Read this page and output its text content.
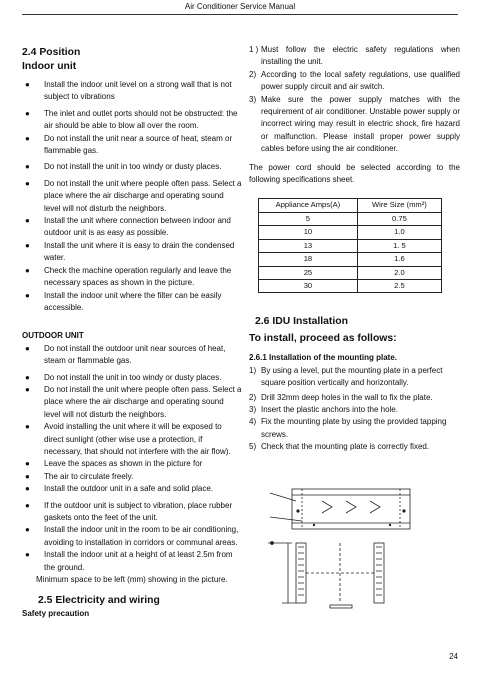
Air Conditioner Service Manual
2.4 Position
Indoor unit
● Install the indoor unit level on a strong wall that is not subject to vibrations
● The inlet and outlet ports should not be obstructed: the air should be able to blow all over the room.
● Do not install the unit near a source of heat, steam or flammable gas.
● Do not install the unit in too windy or dusty places.
● Do not install the unit where people often pass. Select a place where the air discharge and operating sound level will not disturb the neighbors.
● Install the unit where connection between indoor and outdoor unit is as easy as possible.
● Install the unit where it is easy to drain the condensed water.
● Check the machine operation regularly and leave the necessary spaces as shown in the picture.
● Install the indoor unit where the filter can be easily accessible.
OUTDOOR UNIT
● Do not install the outdoor unit near sources of heat, steam or flammable gas.
● Do not install the unit in too windy or dusty places.
● Do not install the unit where people often pass. Select a place where the air discharge and operating sound level will not disturb the neighbors.
● Avoid installing the unit where it will be exposed to direct sunlight (other wise use a protection, if necessary, that should not interfere with the air flow).
● Leave the spaces as shown in the picture for
● The air to circulate freely.
● Install the outdoor unit in a safe and solid place.
● If the outdoor unit is subject to vibration, place rubber gaskets onto the feet of the unit.
● Install the indoor unit in the room to be air conditioning, avoiding to installation in corridors or communal areas.
● Install the indoor unit at a height of at least 2.5m from the ground.
Minimum space to be left (mm) showing in the picture.
2.5 Electricity and wiring
Safety precaution
1 ) Must follow the electric safety regulations when installing the unit.
2) According to the local safety regulations, use qualified power supply circuit and air switch.
3) Make sure the power supply matches with the requirement of air conditioner. Unstable power supply or incorrect wiring may result in electric shock, fire hazard or malfunction. Please install proper power supply cables before using the air conditioner.
The power cord should be selected according to the following specifications sheet.
Appliance Amps(A)	Wire Size (mm²)
5	0.75
10	1.0
13	1. 5
18	1.6
25	2.0
30	2.5
2.6 IDU Installation
To install, proceed as follows:
2.6.1 Installation of the mounting plate.
1) By using a level, put the mounting plate in a perfect square position vertically and horizontally.
2) Drill 32mm deep holes in the wall to fix the plate.
3) Insert the plastic anchors into the hole.
4) Fix the mounting plate by using the provided tapping screws.
5) Check that the mounting plate is correctly fixed.
24
